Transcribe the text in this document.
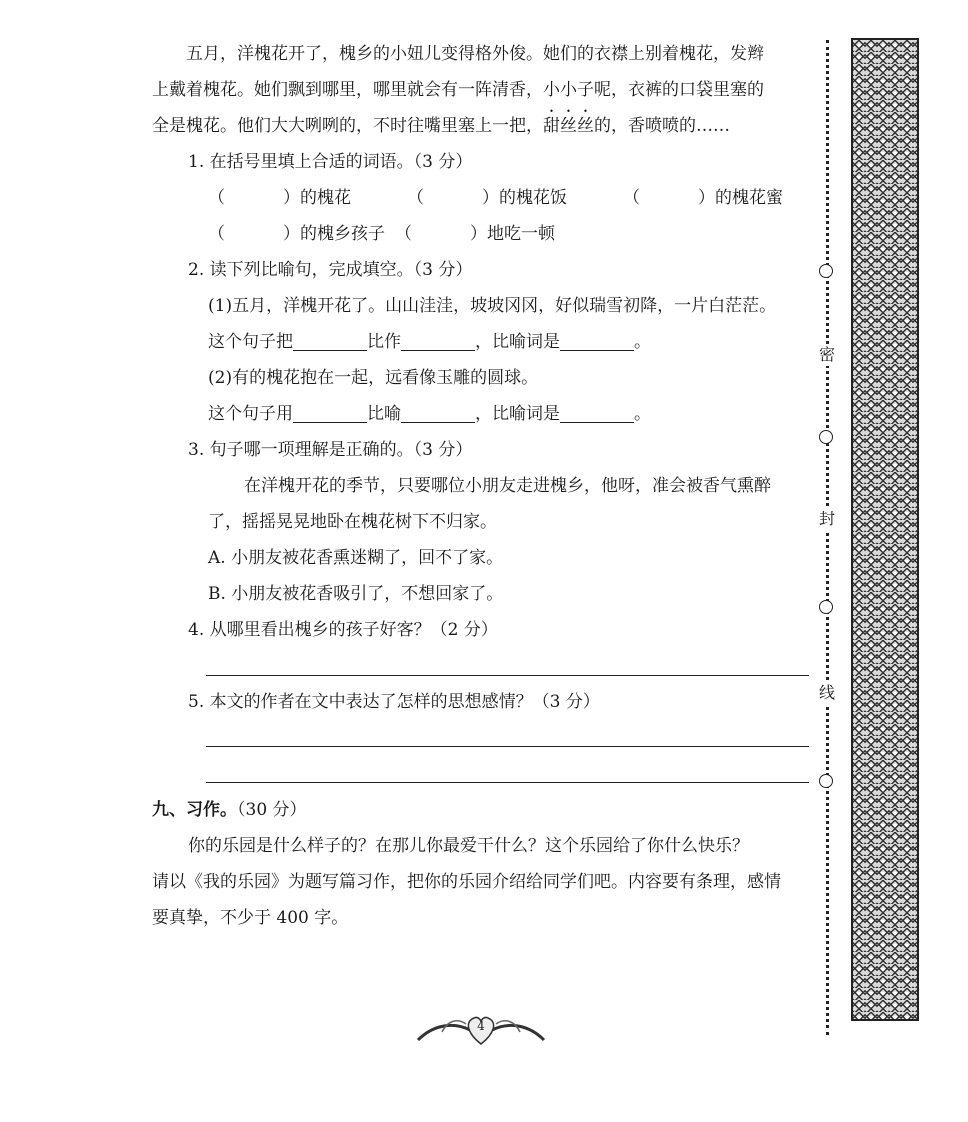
五月，洋槐花开了，槐乡的小妞儿变得格外俊。她们的衣襟上别着槐花，发辫
上戴着槐花。她们飘到哪里，哪里就会有一阵清香，小小子呢，衣裤的口袋里塞的
全是槐花。他们大大咧咧的，不时往嘴里塞上一把，甜丝丝的，香喷喷的……
1. 在括号里填上合适的词语。（3 分）
（	）的槐花	（	）的槐花饭	（	）的槐花蜜
（	）的槐乡孩子 （	）地吃一顿
2. 读下列比喻句，完成填空。（3 分）
(1)五月，洋槐开花了。山山洼洼，坡坡冈冈，好似瑞雪初降，一片白茫茫。
这个句子把	比作	，比喻词是	。
(2)有的槐花抱在一起，远看像玉雕的圆球。
这个句子用	比喻	，比喻词是	。
3. 句子哪一项理解是正确的。（3 分）
在洋槐开花的季节，只要哪位小朋友走进槐乡，他呀，准会被香气熏醉
了，摇摇晃晃地卧在槐花树下不归家。
A. 小朋友被花香熏迷糊了，回不了家。
B. 小朋友被花香吸引了，不想回家了。
4. 从哪里看出槐乡的孩子好客？（2 分）
5. 本文的作者在文中表达了怎样的思想感情？（3 分）
九、习作。（30 分）
你的乐园是什么样子的？在那儿你最爱干什么？这个乐园给了你什么快乐？
请以《我的乐园》为题写篇习作，把你的乐园介绍给同学们吧。内容要有条理，感情
要真挚，不少于 400 字。
密
封
线
4
